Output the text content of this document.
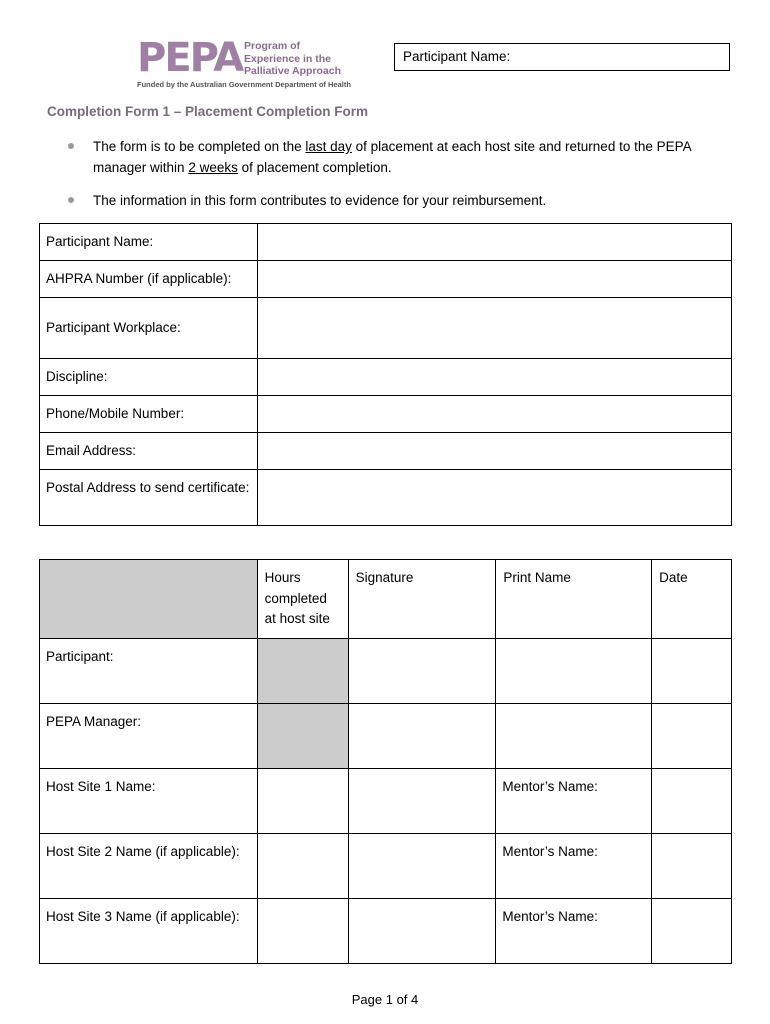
PEPA Program of
Experience in the
Palliative Approach
Funded by the Australian Government Department of Health
Participant Name:
Completion Form 1 – Placement Completion Form
The form is to be completed on the last day of placement at each host site and returned to the PEPA manager within 2 weeks of placement completion.
The information in this form contributes to evidence for your reimbursement.
Participant Name:	
AHPRA Number (if applicable):	
Participant Workplace:	
Discipline:	
Phone/Mobile Number:	
Email Address:	
Postal Address to send certificate:	
	Hours completed at host site	Signature	Print Name	Date
Participant:				
PEPA Manager:				
Host Site 1 Name:			Mentor’s Name:	
Host Site 2 Name (if applicable):			Mentor’s Name:	
Host Site 3 Name (if applicable):			Mentor’s Name:	
Page 1 of 4
